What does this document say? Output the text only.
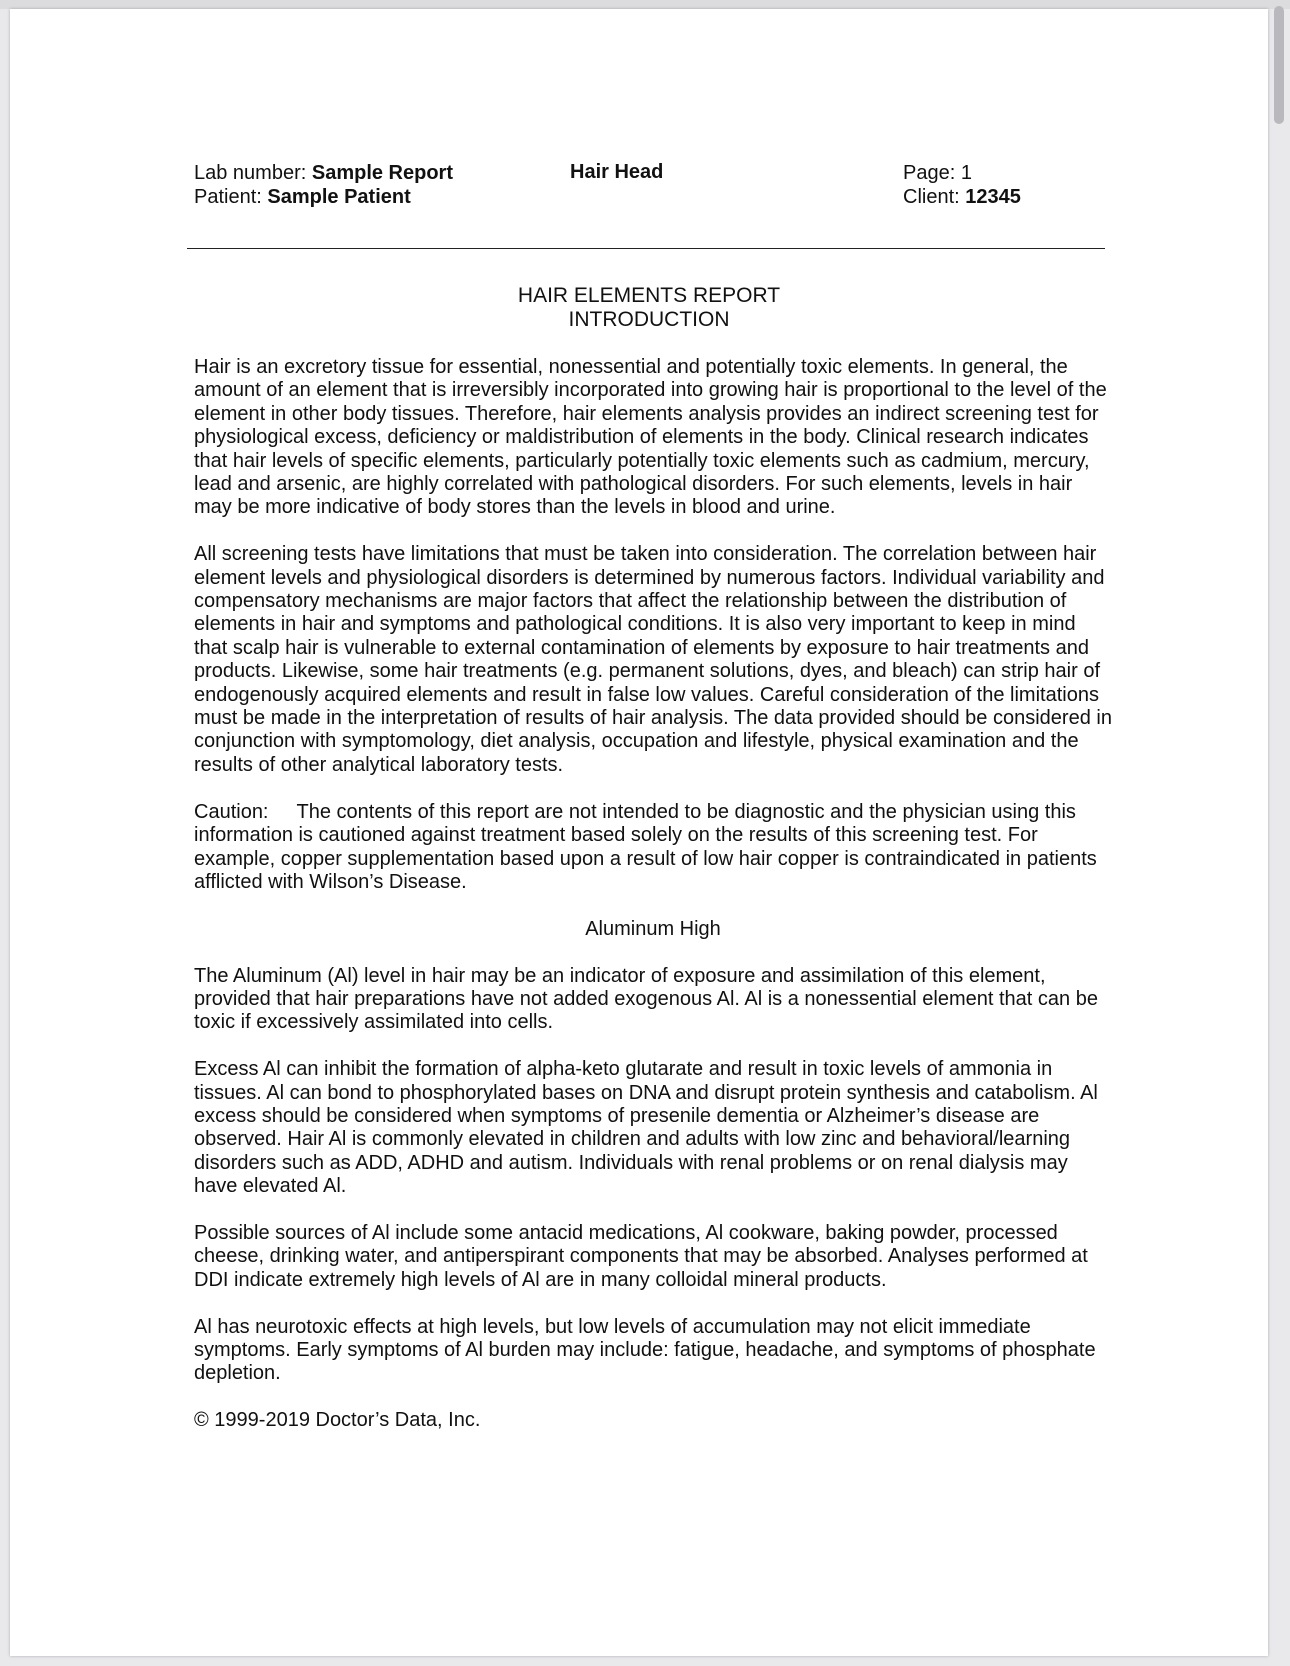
Lab number: Sample Report
Patient: Sample Patient
Hair Head	Page: 1
Client: 12345
HAIR ELEMENTS REPORT
INTRODUCTION

Hair is an excretory tissue for essential, nonessential and potentially toxic elements. In general, the amount of an element that is irreversibly incorporated into growing hair is proportional to the level of the element in other body tissues. Therefore, hair elements analysis provides an indirect screening test for physiological excess, deficiency or maldistribution of elements in the body. Clinical research indicates that hair levels of specific elements, particularly potentially toxic elements such as cadmium, mercury, lead and arsenic, are highly correlated with pathological disorders. For such elements, levels in hair may be more indicative of body stores than the levels in blood and urine.

All screening tests have limitations that must be taken into consideration. The correlation between hair element levels and physiological disorders is determined by numerous factors. Individual variability and compensatory mechanisms are major factors that affect the relationship between the distribution of elements in hair and symptoms and pathological conditions. It is also very important to keep in mind that scalp hair is vulnerable to external contamination of elements by exposure to hair treatments and products. Likewise, some hair treatments (e.g. permanent solutions, dyes, and bleach) can strip hair of endogenously acquired elements and result in false low values. Careful consideration of the limitations must be made in the interpretation of results of hair analysis. The data provided should be considered in conjunction with symptomology, diet analysis, occupation and lifestyle, physical examination and the results of other analytical laboratory tests.

Caution: The contents of this report are not intended to be diagnostic and the physician using this information is cautioned against treatment based solely on the results of this screening test. For example, copper supplementation based upon a result of low hair copper is contraindicated in patients afflicted with Wilson’s Disease.

Aluminum High

The Aluminum (Al) level in hair may be an indicator of exposure and assimilation of this element, provided that hair preparations have not added exogenous Al. Al is a nonessential element that can be toxic if excessively assimilated into cells.

Excess Al can inhibit the formation of alpha-keto glutarate and result in toxic levels of ammonia in tissues. Al can bond to phosphorylated bases on DNA and disrupt protein synthesis and catabolism. Al excess should be considered when symptoms of presenile dementia or Alzheimer’s disease are observed. Hair Al is commonly elevated in children and adults with low zinc and behavioral/learning disorders such as ADD, ADHD and autism. Individuals with renal problems or on renal dialysis may have elevated Al.

Possible sources of Al include some antacid medications, Al cookware, baking powder, processed cheese, drinking water, and antiperspirant components that may be absorbed. Analyses performed at DDI indicate extremely high levels of Al are in many colloidal mineral products.

Al has neurotoxic effects at high levels, but low levels of accumulation may not elicit immediate symptoms. Early symptoms of Al burden may include: fatigue, headache, and symptoms of phosphate depletion.

© 1999-2019 Doctor’s Data, Inc.
